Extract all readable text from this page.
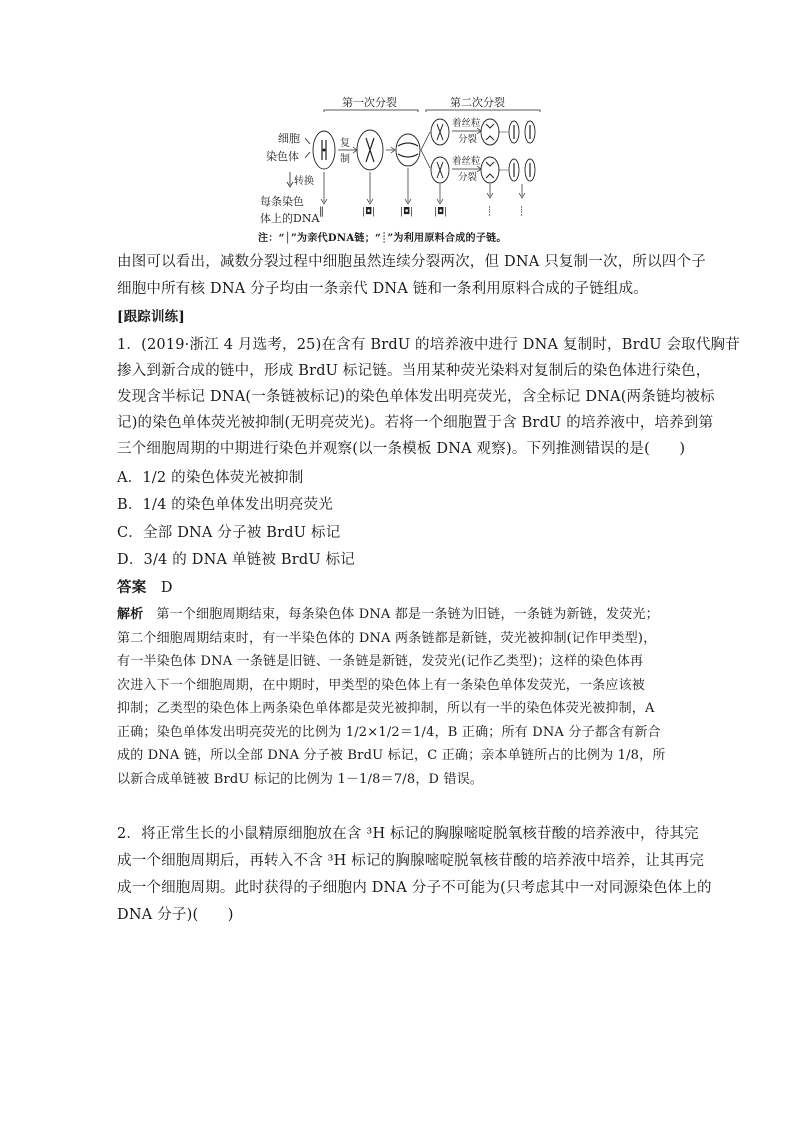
第一次分裂	第二次分裂
细胞
染色体
转换
每条染色
体上的DNA
‖
复
制
|◘|	|◘| |◘|
着丝粒
分裂
着丝粒
分裂
┊	┊
注：“│”为亲代DNA链；“┊”为利用原料合成的子链。
由图可以看出，减数分裂过程中细胞虽然连续分裂两次，但 DNA 只复制一次，所以四个子
细胞中所有核 DNA 分子均由一条亲代 DNA 链和一条利用原料合成的子链组成。
[跟踪训练]
1．(2019·浙江 4 月选考，25)在含有 BrdU 的培养液中进行 DNA 复制时，BrdU 会取代胸苷
掺入到新合成的链中，形成 BrdU 标记链。当用某种荧光染料对复制后的染色体进行染色，
发现含半标记 DNA(一条链被标记)的染色单体发出明亮荧光，含全标记 DNA(两条链均被标
记)的染色单体荧光被抑制(无明亮荧光)。若将一个细胞置于含 BrdU 的培养液中，培养到第
三个细胞周期的中期进行染色并观察(以一条模板 DNA 观察)。下列推测错误的是(　　)
A．1/2 的染色体荧光被抑制
B．1/4 的染色单体发出明亮荧光
C．全部 DNA 分子被 BrdU 标记
D．3/4 的 DNA 单链被 BrdU 标记
答案 D
解析 第一个细胞周期结束，每条染色体 DNA 都是一条链为旧链，一条链为新链，发荧光；
第二个细胞周期结束时，有一半染色体的 DNA 两条链都是新链，荧光被抑制(记作甲类型)，
有一半染色体 DNA 一条链是旧链、一条链是新链，发荧光(记作乙类型)；这样的染色体再
次进入下一个细胞周期，在中期时，甲类型的染色体上有一条染色单体发荧光，一条应该被
抑制；乙类型的染色体上两条染色单体都是荧光被抑制，所以有一半的染色体荧光被抑制，A
正确；染色单体发出明亮荧光的比例为 1/2×1/2＝1/4，B 正确；所有 DNA 分子都含有新合
成的 DNA 链，所以全部 DNA 分子被 BrdU 标记，C 正确；亲本单链所占的比例为 1/8，所
以新合成单链被 BrdU 标记的比例为 1－1/8＝7/8，D 错误。
2．将正常生长的小鼠精原细胞放在含 ³H 标记的胸腺嘧啶脱氧核苷酸的培养液中，待其完
成一个细胞周期后，再转入不含 ³H 标记的胸腺嘧啶脱氧核苷酸的培养液中培养，让其再完
成一个细胞周期。此时获得的子细胞内 DNA 分子不可能为(只考虑其中一对同源染色体上的
DNA 分子)(　　)
